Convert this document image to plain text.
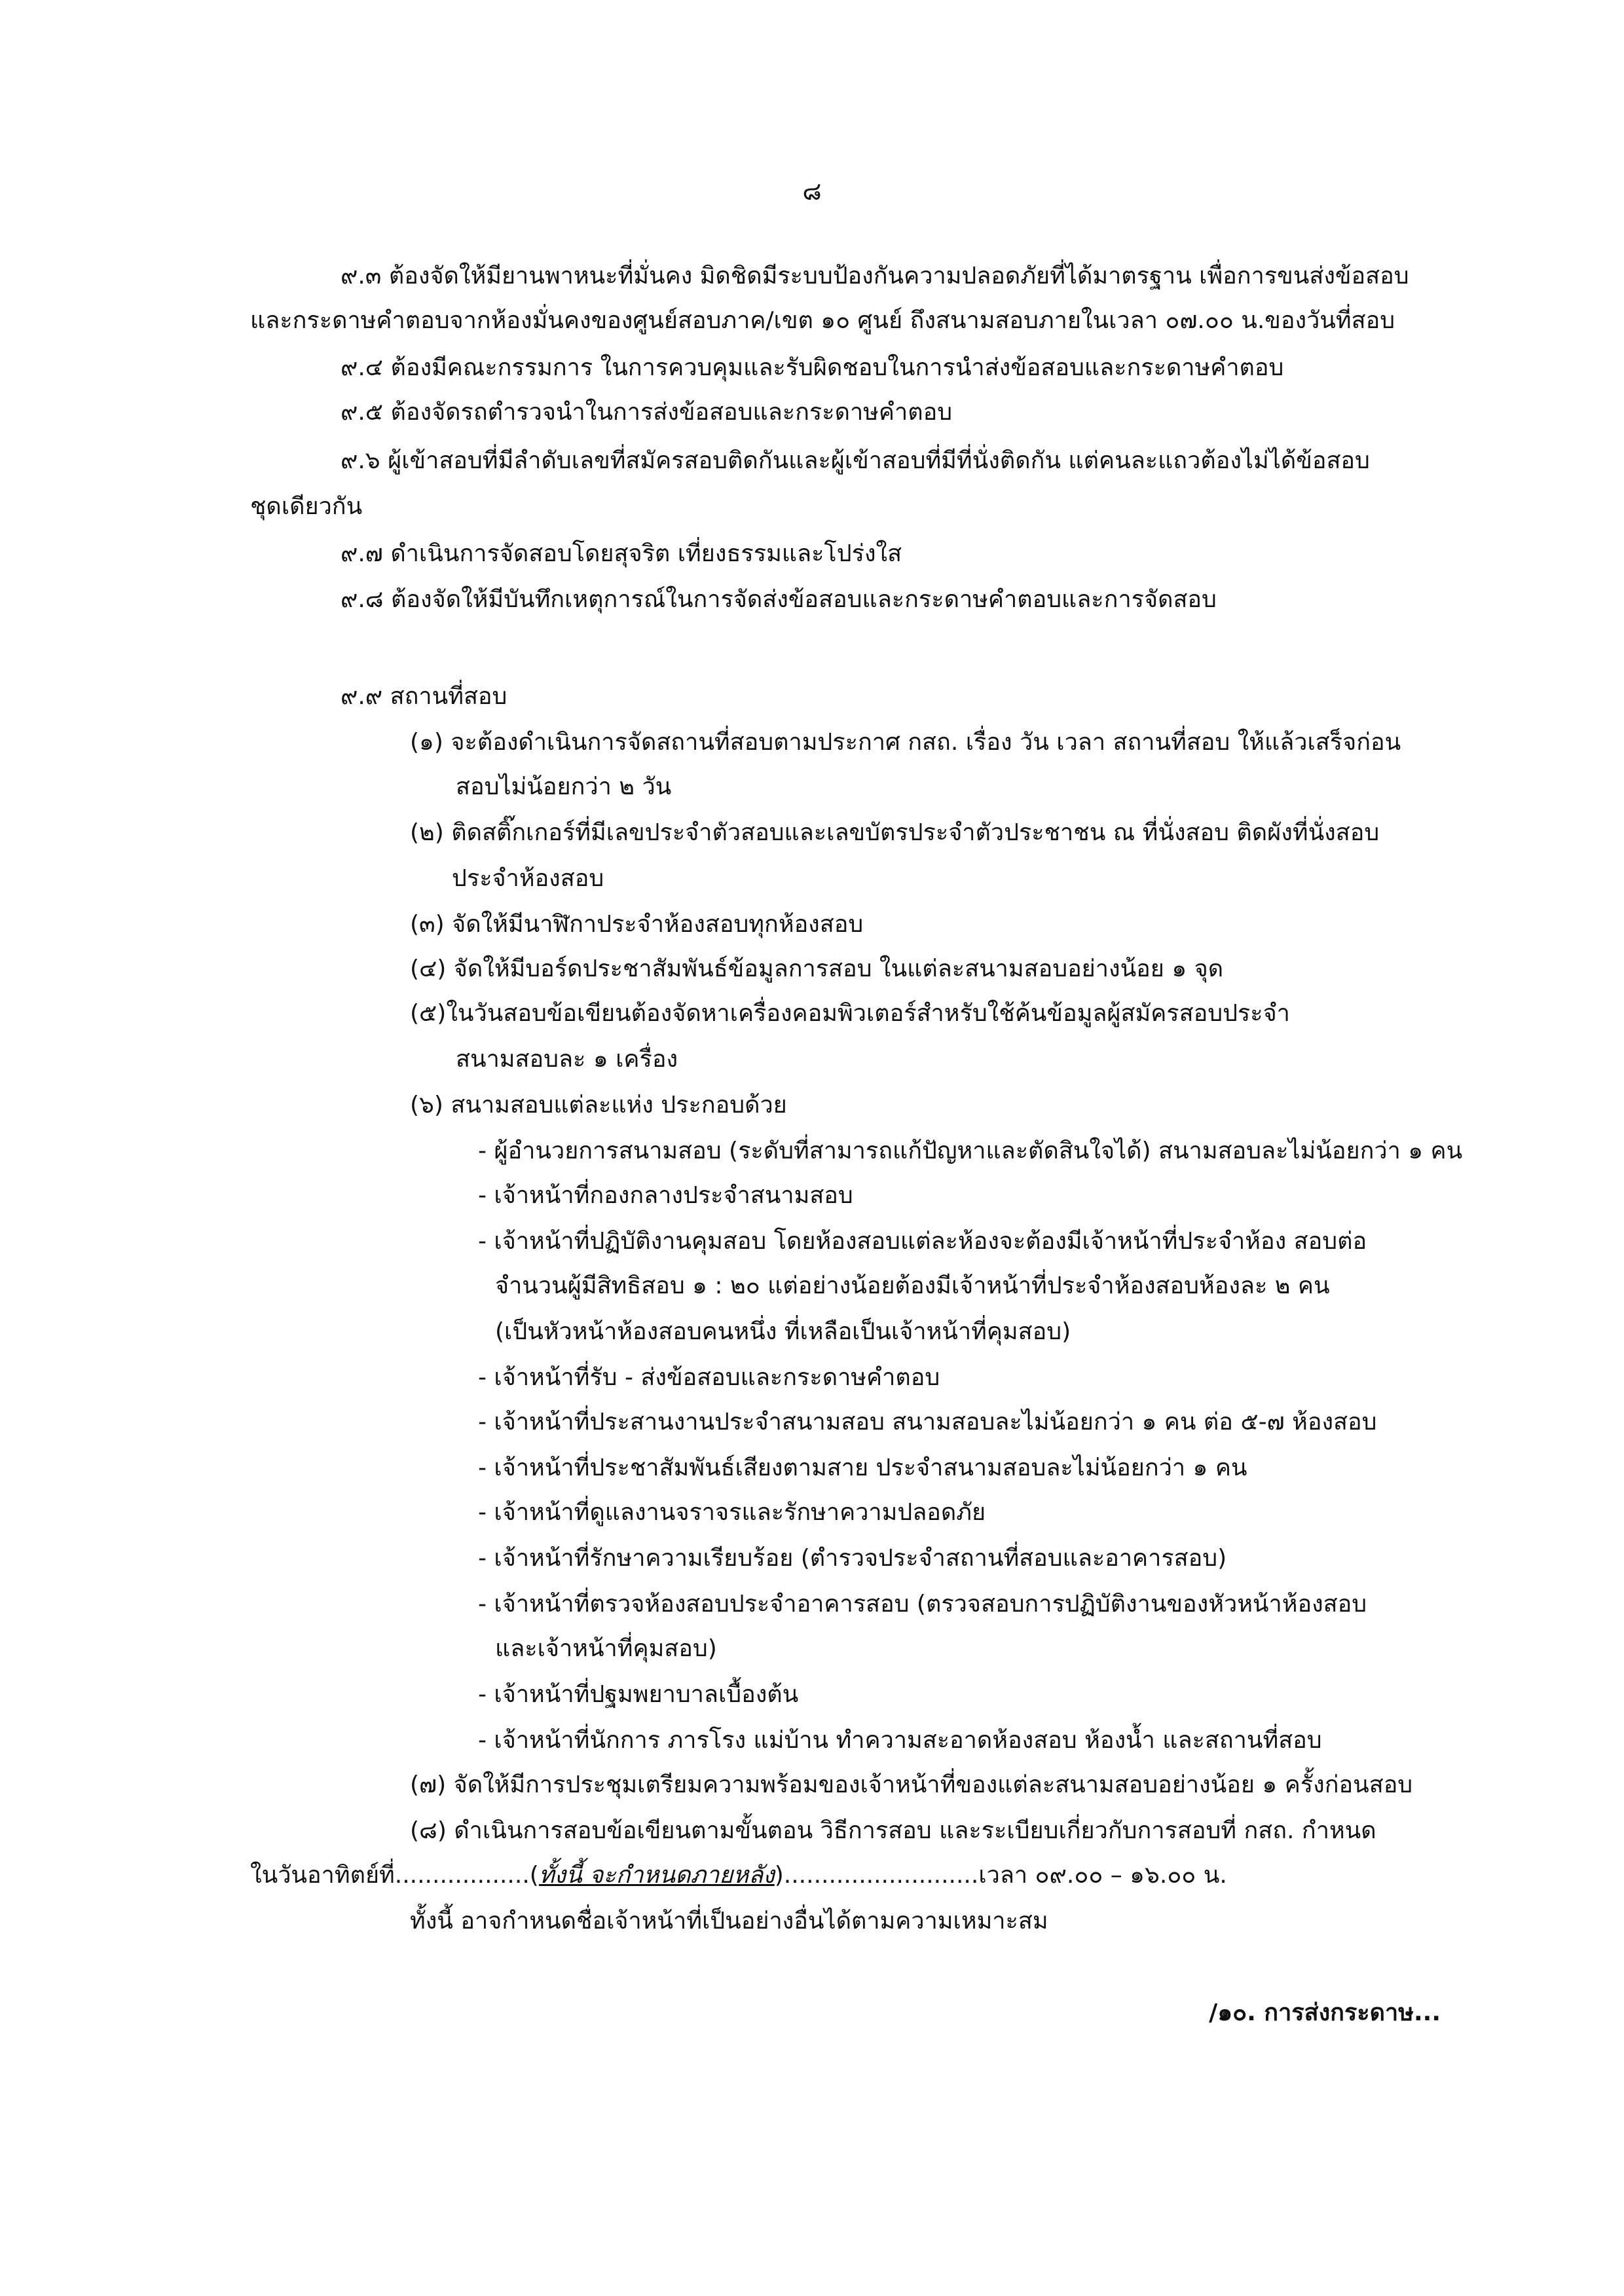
๘
๙.๓ ต้องจัดให้มียานพาหนะที่มั่นคง มิดชิดมีระบบป้องกันความปลอดภัยที่ได้มาตรฐาน เพื่อการขนส่งข้อสอบ
และกระดาษคำตอบจากห้องมั่นคงของศูนย์สอบภาค/เขต ๑๐ ศูนย์ ถึงสนามสอบภายในเวลา ๐๗.๐๐ น.ของวันที่สอบ
๙.๔ ต้องมีคณะกรรมการ ในการควบคุมและรับผิดชอบในการนำส่งข้อสอบและกระดาษคำตอบ
๙.๕ ต้องจัดรถตำรวจนำในการส่งข้อสอบและกระดาษคำตอบ
๙.๖ ผู้เข้าสอบที่มีลำดับเลขที่สมัครสอบติดกันและผู้เข้าสอบที่มีที่นั่งติดกัน แต่คนละแถวต้องไม่ได้ข้อสอบ
ชุดเดียวกัน
๙.๗ ดำเนินการจัดสอบโดยสุจริต เที่ยงธรรมและโปร่งใส
๙.๘ ต้องจัดให้มีบันทึกเหตุการณ์ในการจัดส่งข้อสอบและกระดาษคำตอบและการจัดสอบ
๙.๙ สถานที่สอบ
(๑) จะต้องดำเนินการจัดสถานที่สอบตามประกาศ กสถ. เรื่อง วัน เวลา สถานที่สอบ ให้แล้วเสร็จก่อน
สอบไม่น้อยกว่า ๒ วัน
(๒) ติดสติ๊กเกอร์ที่มีเลขประจำตัวสอบและเลขบัตรประจำตัวประชาชน ณ ที่นั่งสอบ ติดผังที่นั่งสอบ
ประจำห้องสอบ
(๓) จัดให้มีนาฬิกาประจำห้องสอบทุกห้องสอบ
(๔) จัดให้มีบอร์ดประชาสัมพันธ์ข้อมูลการสอบ ในแต่ละสนามสอบอย่างน้อย ๑ จุด
(๕)ในวันสอบข้อเขียนต้องจัดหาเครื่องคอมพิวเตอร์สำหรับใช้ค้นข้อมูลผู้สมัครสอบประจำ
สนามสอบละ ๑ เครื่อง
(๖) สนามสอบแต่ละแห่ง ประกอบด้วย
- ผู้อำนวยการสนามสอบ (ระดับที่สามารถแก้ปัญหาและตัดสินใจได้) สนามสอบละไม่น้อยกว่า ๑ คน
- เจ้าหน้าที่กองกลางประจำสนามสอบ
- เจ้าหน้าที่ปฏิบัติงานคุมสอบ โดยห้องสอบแต่ละห้องจะต้องมีเจ้าหน้าที่ประจำห้อง สอบต่อ
จำนวนผู้มีสิทธิสอบ ๑ : ๒๐ แต่อย่างน้อยต้องมีเจ้าหน้าที่ประจำห้องสอบห้องละ ๒ คน
(เป็นหัวหน้าห้องสอบคนหนึ่ง ที่เหลือเป็นเจ้าหน้าที่คุมสอบ)
- เจ้าหน้าที่รับ - ส่งข้อสอบและกระดาษคำตอบ
- เจ้าหน้าที่ประสานงานประจำสนามสอบ สนามสอบละไม่น้อยกว่า ๑ คน ต่อ ๕-๗ ห้องสอบ
- เจ้าหน้าที่ประชาสัมพันธ์เสียงตามสาย ประจำสนามสอบละไม่น้อยกว่า ๑ คน
- เจ้าหน้าที่ดูแลงานจราจรและรักษาความปลอดภัย
- เจ้าหน้าที่รักษาความเรียบร้อย (ตำรวจประจำสถานที่สอบและอาคารสอบ)
- เจ้าหน้าที่ตรวจห้องสอบประจำอาคารสอบ (ตรวจสอบการปฏิบัติงานของหัวหน้าห้องสอบ
และเจ้าหน้าที่คุมสอบ)
- เจ้าหน้าที่ปฐมพยาบาลเบื้องต้น
- เจ้าหน้าที่นักการ ภารโรง แม่บ้าน ทำความสะอาดห้องสอบ ห้องน้ำ และสถานที่สอบ
(๗) จัดให้มีการประชุมเตรียมความพร้อมของเจ้าหน้าที่ของแต่ละสนามสอบอย่างน้อย ๑ ครั้งก่อนสอบ
(๘) ดำเนินการสอบข้อเขียนตามขั้นตอน วิธีการสอบ และระเบียบเกี่ยวกับการสอบที่ กสถ. กำหนด
ในวันอาทิตย์ที่..................(ทั้งนี้ จะกำหนดภายหลัง)..........................เวลา ๐๙.๐๐ – ๑๖.๐๐ น.
ทั้งนี้ อาจกำหนดชื่อเจ้าหน้าที่เป็นอย่างอื่นได้ตามความเหมาะสม
/๑๐. การส่งกระดาษ...
